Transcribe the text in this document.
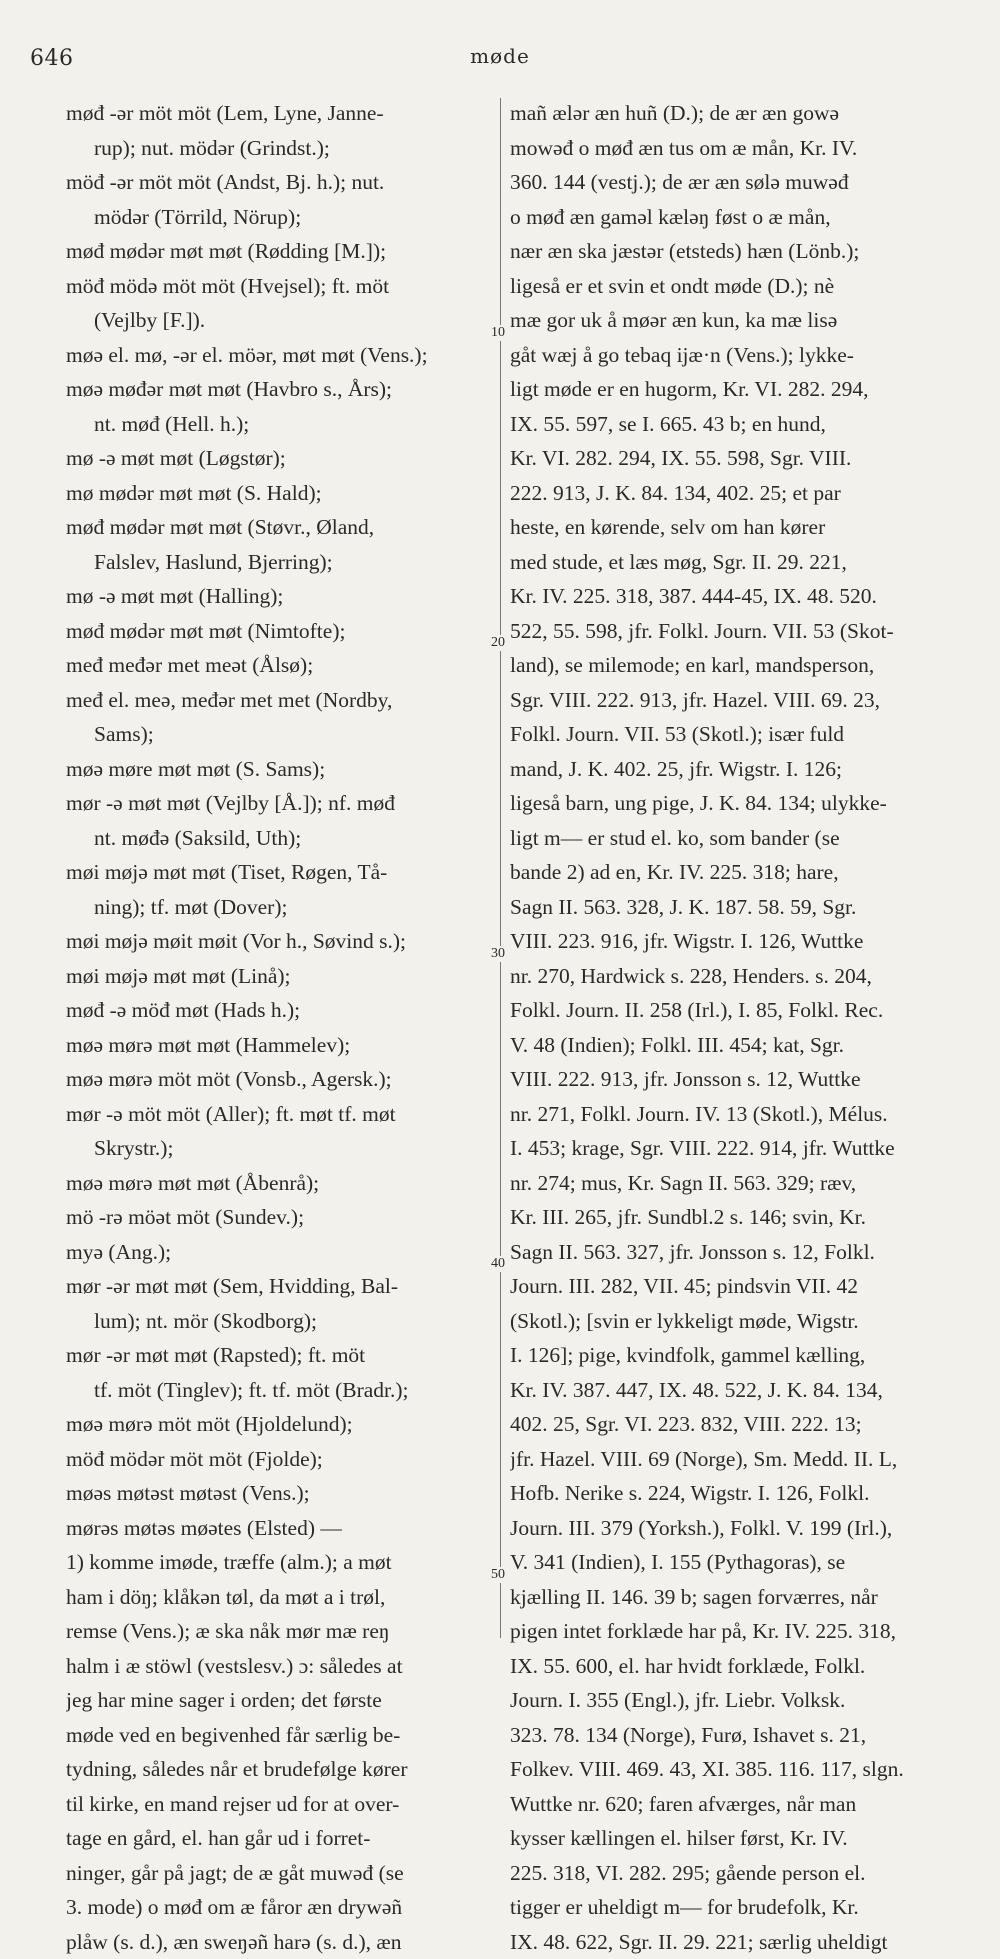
646	møde
10
20
30
40
50
møđ -ər möt möt (Lem, Lyne, Janne-
rup); nut. mödər (Grindst.);
möđ -ər möt möt (Andst, Bj. h.); nut.
mödər (Törrild, Nörup);
møđ mødər møt møt (Rødding [M.]);
möđ mödə möt möt (Hvejsel); ft. möt
(Vejlby [F.]).
møə el. mø, -ər el. möər, møt møt (Vens.);
møə møđər møt møt (Havbro s., Års);
nt. møđ (Hell. h.);
mø -ə møt møt (Løgstør);
mø mødər møt møt (S. Hald);
møđ mødər møt møt (Støvr., Øland,
Falslev, Haslund, Bjerring);
mø -ə møt møt (Halling);
møđ mødər møt møt (Nimtofte);
međ međər met meət (Ålsø);
međ el. meə, međər met met (Nordby,
Sams);
møə møre møt møt (S. Sams);
mør -ə møt møt (Vejlby [Å.]); nf. møđ
nt. møđə (Saksild, Uth);
møi møjə møt møt (Tiset, Røgen, Tå-
ning); tf. møt (Dover);
møi møjə møit møit (Vor h., Søvind s.);
møi møjə møt møt (Linå);
møđ -ə möđ møt (Hads h.);
møə mørə møt møt (Hammelev);
møə mørə möt möt (Vonsb., Agersk.);
mør -ə möt möt (Aller); ft. møt tf. møt
Skrystr.);
møə mørə møt møt (Åbenrå);
mö -rə möət möt (Sundev.);
myə (Ang.);
mør -ər møt møt (Sem, Hvidding, Bal-
lum); nt. mör (Skodborg);
mør -ər møt møt (Rapsted); ft. möt
tf. möt (Tinglev); ft. tf. möt (Bradr.);
møə mørə möt möt (Hjoldelund);
möđ mödər möt möt (Fjolde);
møəs møtəst møtəst (Vens.);
mørəs møtəs møətes (Elsted) —
1) komme imøde, træffe (alm.); a møt
ham i döŋ; klåkən tøl, da møt a i trøl,
remse (Vens.); æ ska nåk mør mæ reŋ
halm i æ stöwl (vestslesv.) ɔ: således at
jeg har mine sager i orden; det første
møde ved en begivenhed får særlig be-
tydning, således når et brudefølge kører
til kirke, en mand rejser ud for at over-
tage en gård, el. han går ud i forret-
ninger, går på jagt; de æ gåt muwəđ (se
3. mode) o møđ om æ fåror æn drywəñ
plåw (s. d.), æn sweŋəñ harə (s. d.), æn
mañ ælər æn huñ (D.); de ær æn gowə
mowəđ o møđ æn tus om æ mån, Kr. IV.
360. 144 (vestj.); de ær æn sølə muwəđ
o møđ æn gaməl kæləŋ føst o æ mån,
nær æn ska jæstər (etsteds) hæn (Lönb.);
ligeså er et svin et ondt møde (D.); nè
mæ gor uk å møər æn kun, ka mæ lisə
gåt wæj å go tebaq ijæ·n (Vens.); lykke-
ligt møde er en hugorm, Kr. VI. 282. 294,
IX. 55. 597, se I. 665. 43 b; en hund,
Kr. VI. 282. 294, IX. 55. 598, Sgr. VIII.
222. 913, J. K. 84. 134, 402. 25; et par
heste, en kørende, selv om han kører
med stude, et læs møg, Sgr. II. 29. 221,
Kr. IV. 225. 318, 387. 444-45, IX. 48. 520.
522, 55. 598, jfr. Folkl. Journ. VII. 53 (Skot-
land), se milemode; en karl, mandsperson,
Sgr. VIII. 222. 913, jfr. Hazel. VIII. 69. 23,
Folkl. Journ. VII. 53 (Skotl.); især fuld
mand, J. K. 402. 25, jfr. Wigstr. I. 126;
ligeså barn, ung pige, J. K. 84. 134; ulykke-
ligt m— er stud el. ko, som bander (se
bande 2) ad en, Kr. IV. 225. 318; hare,
Sagn II. 563. 328, J. K. 187. 58. 59, Sgr.
VIII. 223. 916, jfr. Wigstr. I. 126, Wuttke
nr. 270, Hardwick s. 228, Henders. s. 204,
Folkl. Journ. II. 258 (Irl.), I. 85, Folkl. Rec.
V. 48 (Indien); Folkl. III. 454; kat, Sgr.
VIII. 222. 913, jfr. Jonsson s. 12, Wuttke
nr. 271, Folkl. Journ. IV. 13 (Skotl.), Mélus.
I. 453; krage, Sgr. VIII. 222. 914, jfr. Wuttke
nr. 274; mus, Kr. Sagn II. 563. 329; ræv,
Kr. III. 265, jfr. Sundbl.2 s. 146; svin, Kr.
Sagn II. 563. 327, jfr. Jonsson s. 12, Folkl.
Journ. III. 282, VII. 45; pindsvin VII. 42
(Skotl.); [svin er lykkeligt møde, Wigstr.
I. 126]; pige, kvindfolk, gammel kælling,
Kr. IV. 387. 447, IX. 48. 522, J. K. 84. 134,
402. 25, Sgr. VI. 223. 832, VIII. 222. 13;
jfr. Hazel. VIII. 69 (Norge), Sm. Medd. II. L,
Hofb. Nerike s. 224, Wigstr. I. 126, Folkl.
Journ. III. 379 (Yorksh.), Folkl. V. 199 (Irl.),
V. 341 (Indien), I. 155 (Pythagoras), se
kjælling II. 146. 39 b; sagen forværres, når
pigen intet forklæde har på, Kr. IV. 225. 318,
IX. 55. 600, el. har hvidt forklæde, Folkl.
Journ. I. 355 (Engl.), jfr. Liebr. Volksk.
323. 78. 134 (Norge), Furø, Ishavet s. 21,
Folkev. VIII. 469. 43, XI. 385. 116. 117, slgn.
Wuttke nr. 620; faren afværges, når man
kysser kællingen el. hilser først, Kr. IV.
225. 318, VI. 282. 295; gående person el.
tigger er uheldigt m— for brudefolk, Kr.
IX. 48. 622, Sgr. II. 29. 221; særlig uheldigt
